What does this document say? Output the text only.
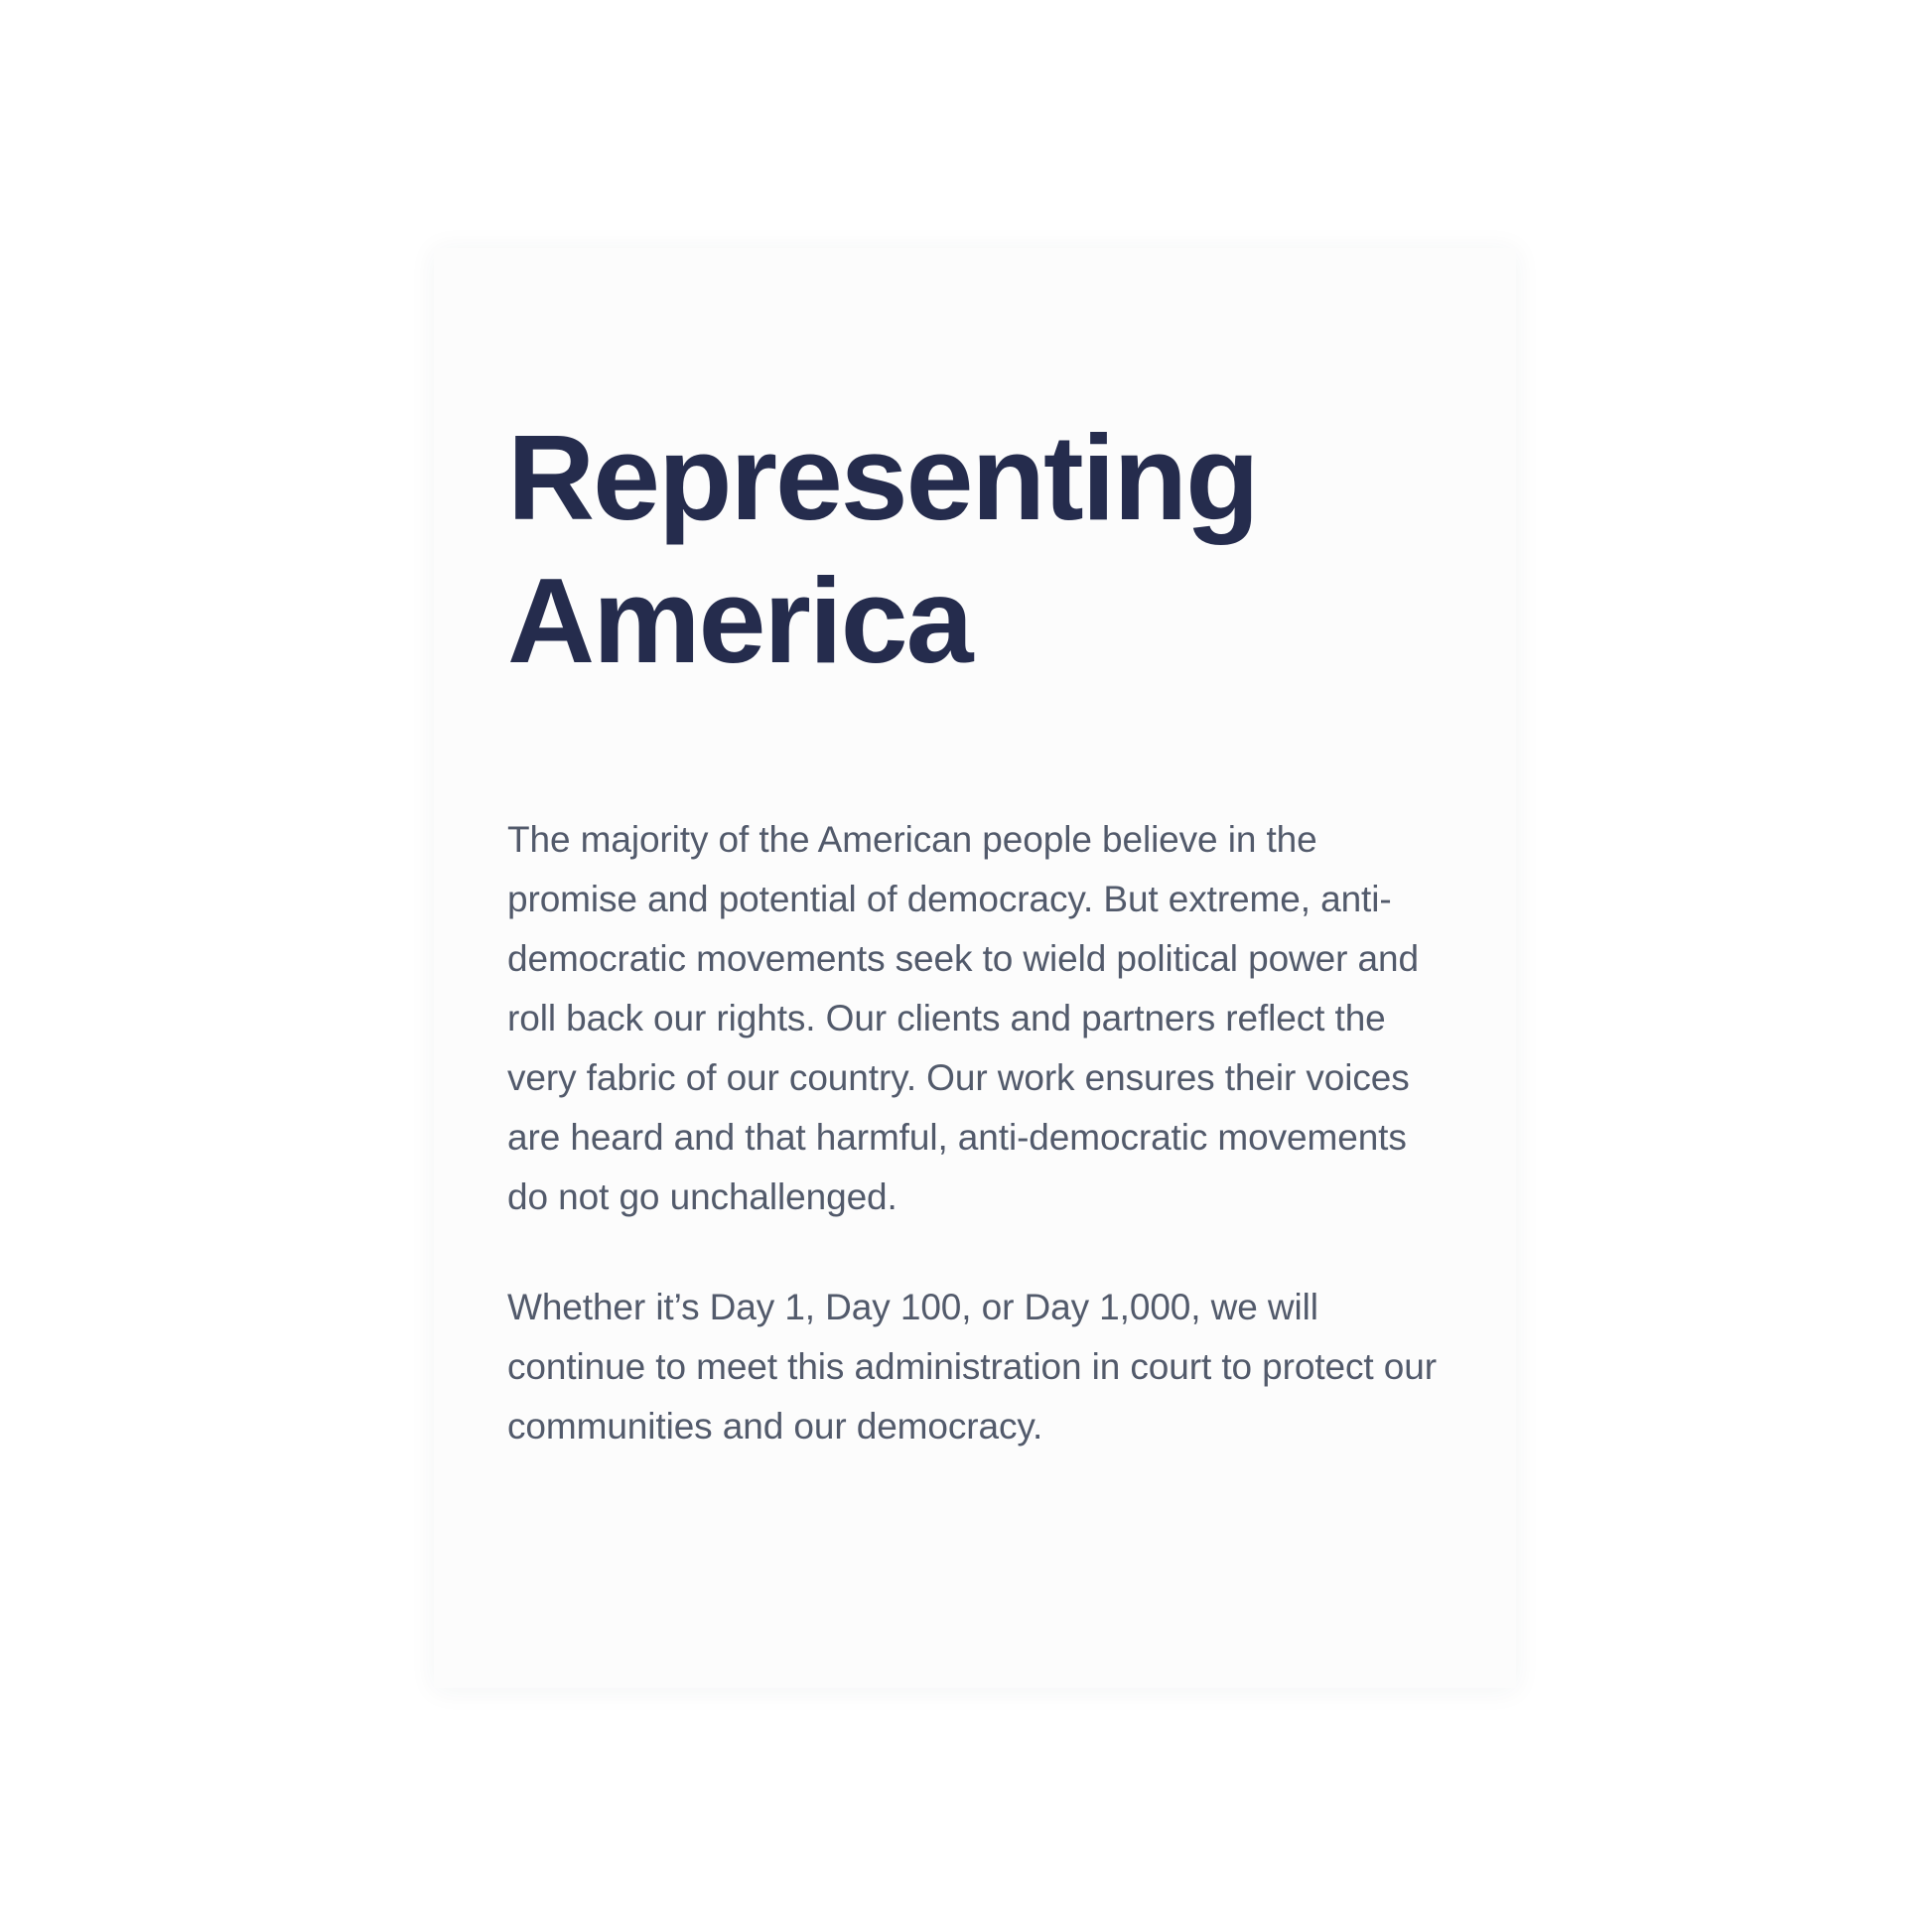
Representing America

The majority of the American people believe in the promise and potential of democracy. But extreme, anti-democratic movements seek to wield political power and roll back our rights. Our clients and partners reflect the very fabric of our country. Our work ensures their voices are heard and that harmful, anti-democratic movements do not go unchallenged.

Whether it’s Day 1, Day 100, or Day 1,000, we will continue to meet this administration in court to protect our communities and our democracy.
